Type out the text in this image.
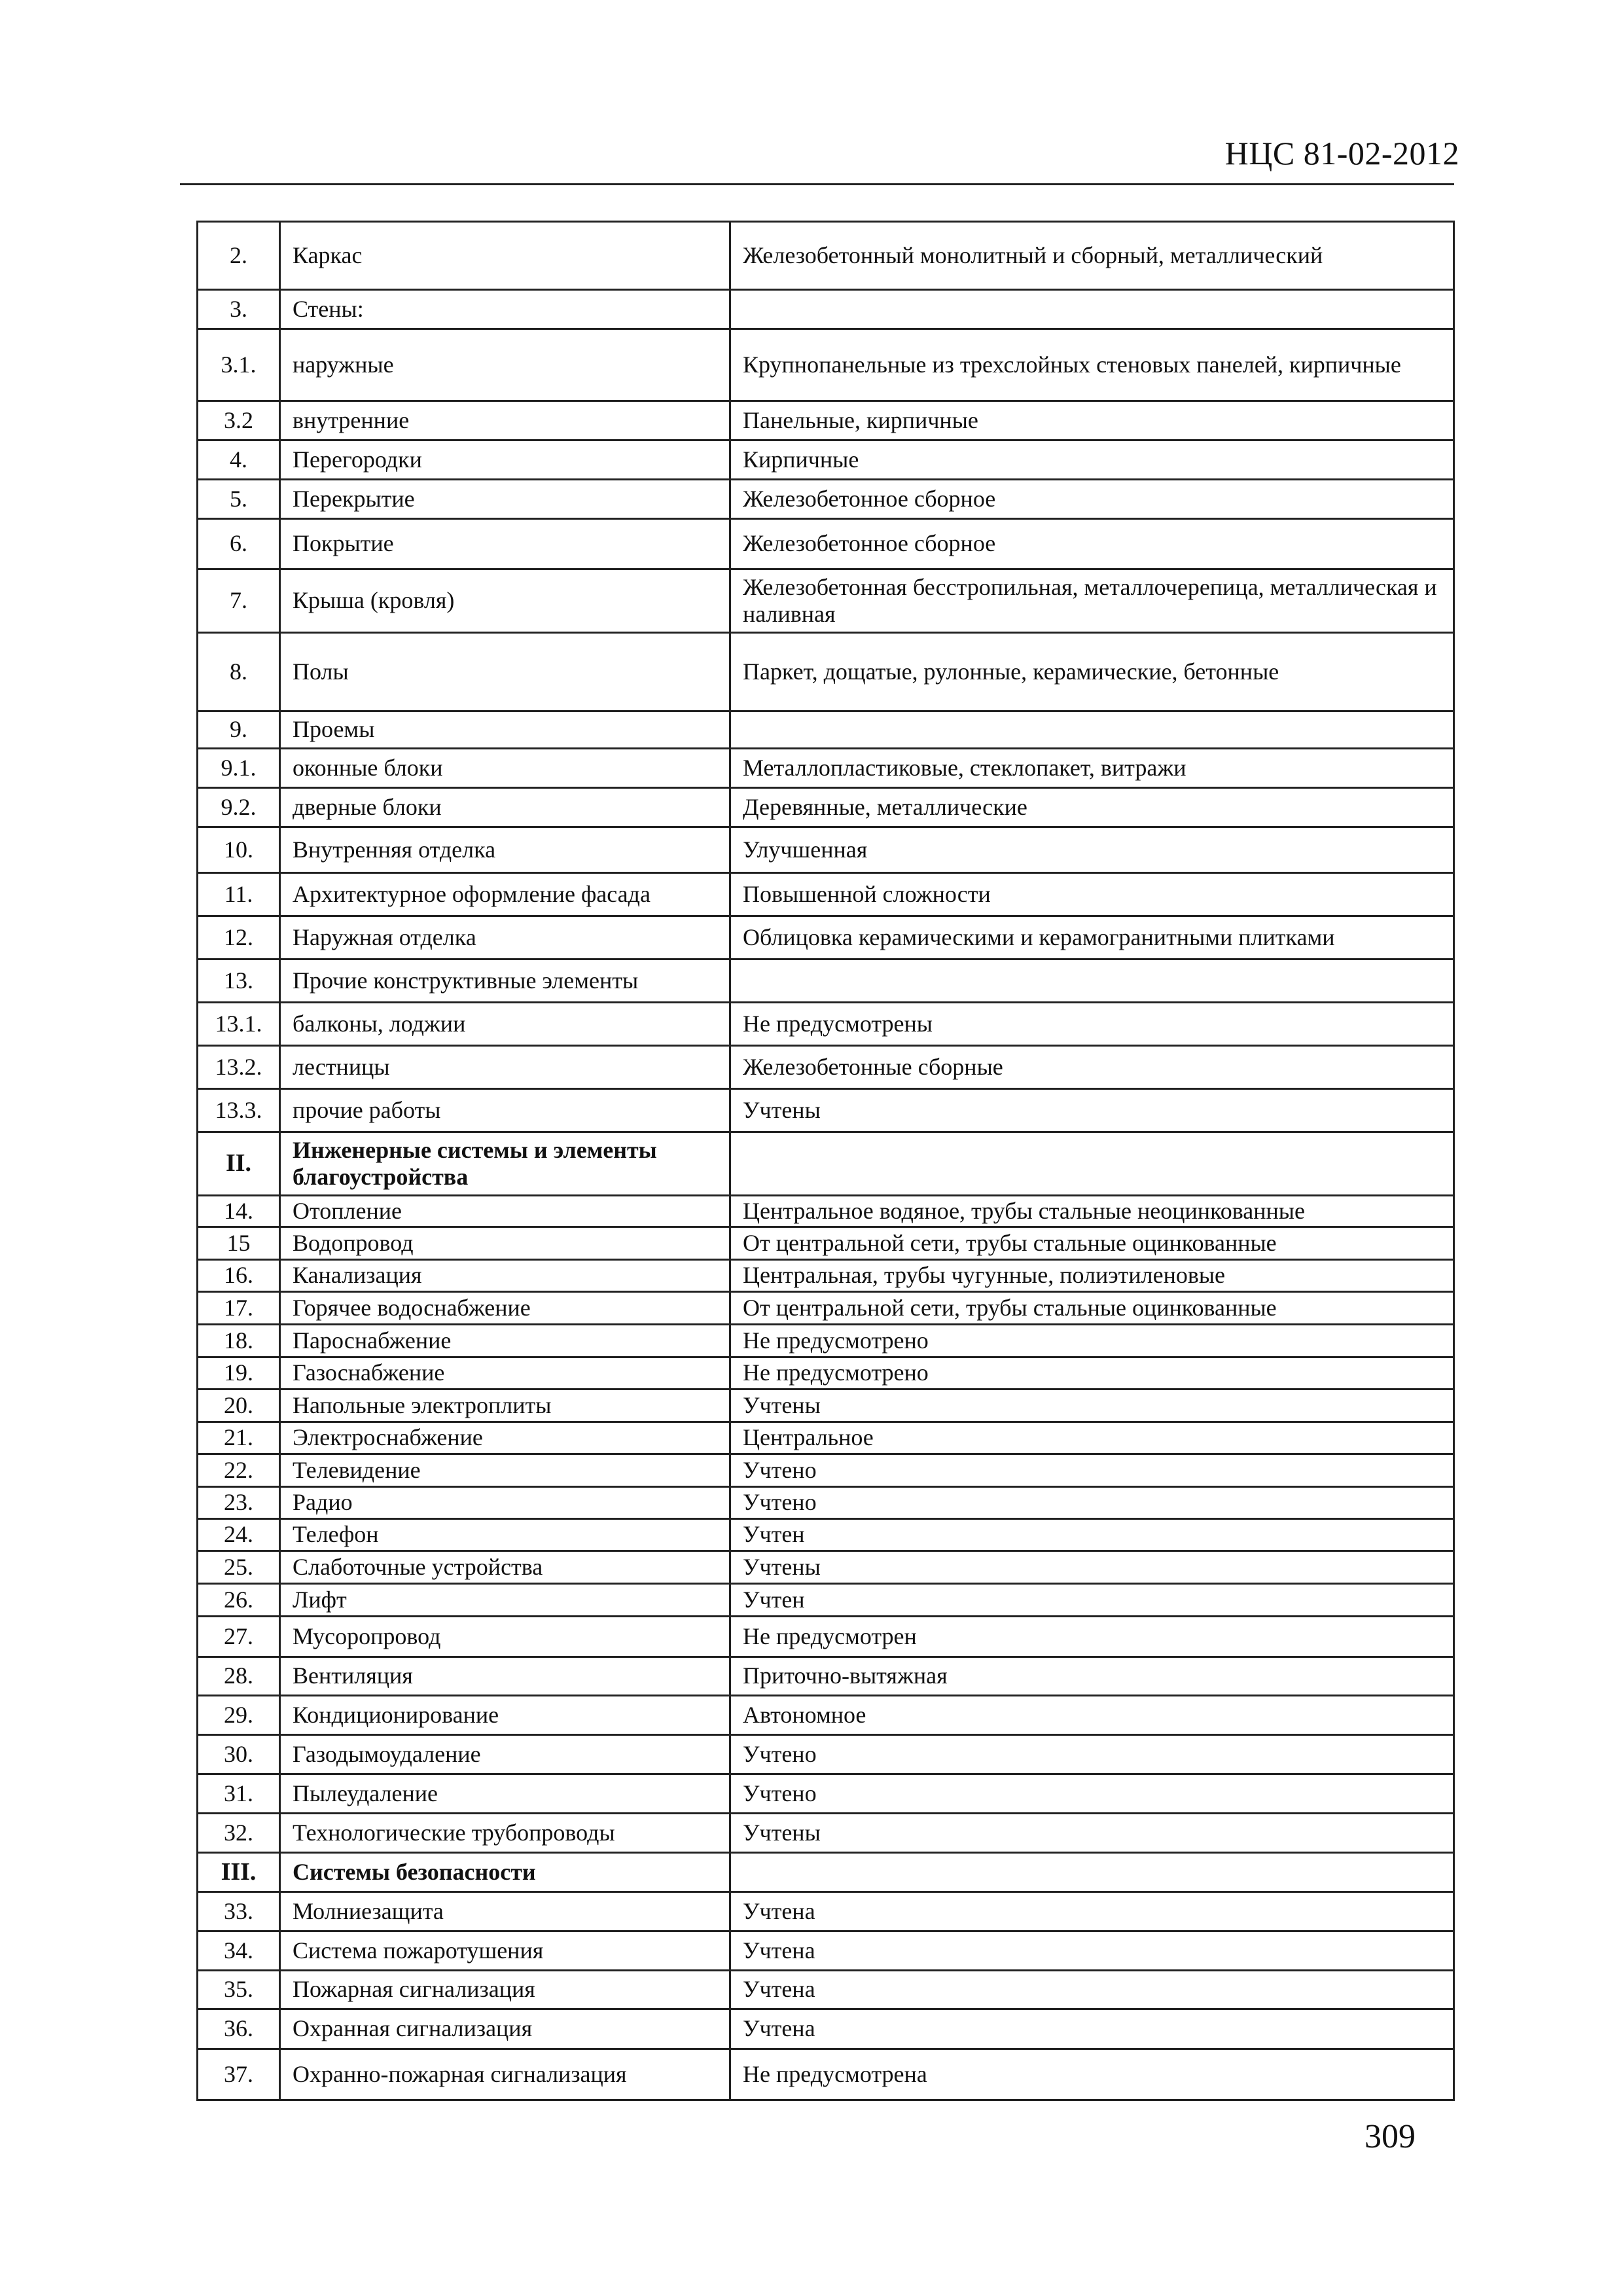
НЦС 81-02-2012
2.	Каркас	Железобетонный монолитный и сборный, металлический
3.	Стены:	
3.1.	наружные	Крупнопанельные из трехслойных стеновых панелей, кирпичные
3.2	внутренние	Панельные, кирпичные
4.	Перегородки	Кирпичные
5.	Перекрытие	Железобетонное сборное
6.	Покрытие	Железобетонное сборное
7.	Крыша (кровля)	Железобетонная бесстропильная, металлочерепица, металлическая и наливная
8.	Полы	Паркет, дощатые, рулонные, керамические, бетонные
9.	Проемы	
9.1.	оконные блоки	Металлопластиковые, стеклопакет, витражи
9.2.	дверные блоки	Деревянные, металлические
10.	Внутренняя отделка	Улучшенная
11.	Архитектурное оформление фасада	Повышенной сложности
12.	Наружная отделка	Облицовка керамическими и керамогранитными плитками
13.	Прочие конструктивные элементы	
13.1.	балконы, лоджии	Не предусмотрены
13.2.	лестницы	Железобетонные сборные
13.3.	прочие работы	Учтены
II.	Инженерные системы и элементы благоустройства	
14.	Отопление	Центральное водяное, трубы стальные неоцинкованные
15	Водопровод	От центральной сети, трубы стальные оцинкованные
16.	Канализация	Центральная, трубы чугунные, полиэтиленовые
17.	Горячее водоснабжение	От центральной сети, трубы стальные оцинкованные
18.	Пароснабжение	Не предусмотрено
19.	Газоснабжение	Не предусмотрено
20.	Напольные электроплиты	Учтены
21.	Электроснабжение	Центральное
22.	Телевидение	Учтено
23.	Радио	Учтено
24.	Телефон	Учтен
25.	Слаботочные устройства	Учтены
26.	Лифт	Учтен
27.	Мусоропровод	Не предусмотрен
28.	Вентиляция	Приточно-вытяжная
29.	Кондиционирование	Автономное
30.	Газодымоудаление	Учтено
31.	Пылеудаление	Учтено
32.	Технологические трубопроводы	Учтены
III.	Системы безопасности	
33.	Молниезащита	Учтена
34.	Система пожаротушения	Учтена
35.	Пожарная сигнализация	Учтена
36.	Охранная сигнализация	Учтена
37.	Охранно-пожарная сигнализация	Не предусмотрена
309
